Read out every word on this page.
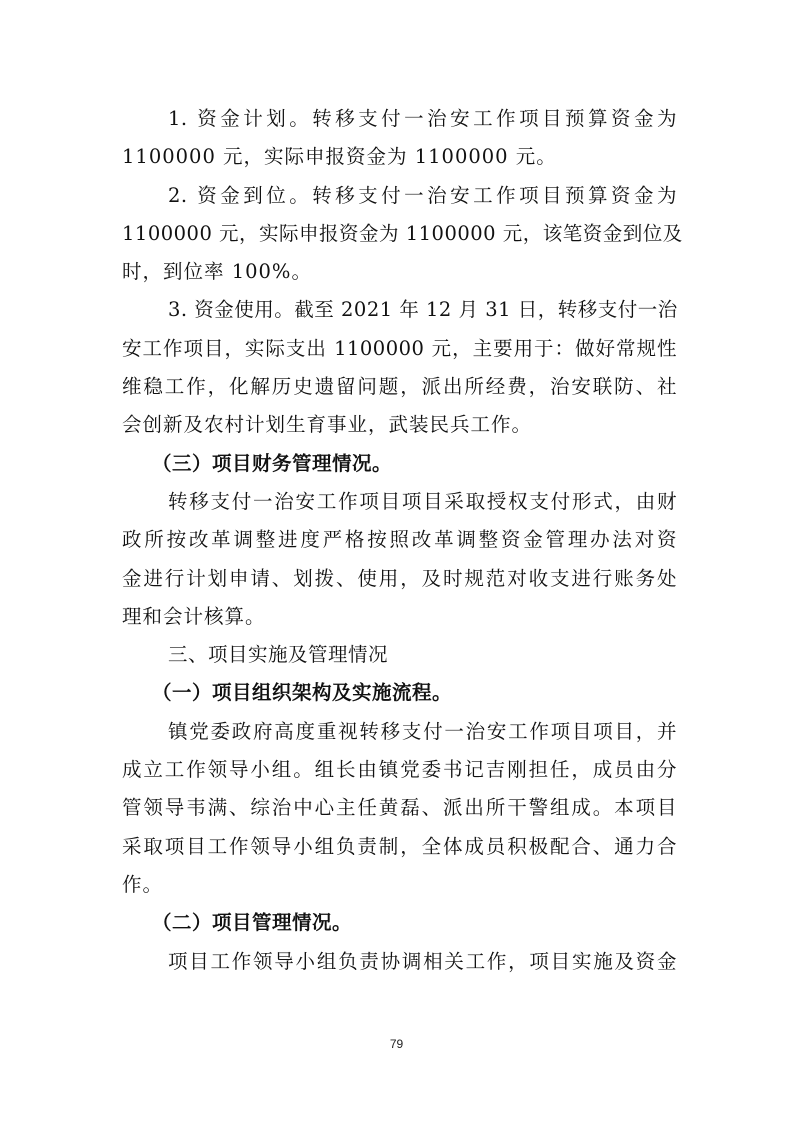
1. 资金计划。转移支付一治安工作项目预算资金为
1100000 元，实际申报资金为 1100000 元。
2. 资金到位。转移支付一治安工作项目预算资金为
1100000 元，实际申报资金为 1100000 元，该笔资金到位及
时，到位率 100%。
3. 资金使用。截至 2021 年 12 月 31 日，转移支付一治
安工作项目，实际支出 1100000 元，主要用于：做好常规性
维稳工作，化解历史遗留问题，派出所经费，治安联防、社
会创新及农村计划生育事业，武装民兵工作。
（三）项目财务管理情况。
转移支付一治安工作项目项目采取授权支付形式，由财
政所按改革调整进度严格按照改革调整资金管理办法对资
金进行计划申请、划拨、使用，及时规范对收支进行账务处
理和会计核算。
三、项目实施及管理情况
（一）项目组织架构及实施流程。
镇党委政府高度重视转移支付一治安工作项目项目，并
成立工作领导小组。组长由镇党委书记吉刚担任，成员由分
管领导韦满、综治中心主任黄磊、派出所干警组成。本项目
采取项目工作领导小组负责制，全体成员积极配合、通力合
作。
（二）项目管理情况。
项目工作领导小组负责协调相关工作，项目实施及资金
79
